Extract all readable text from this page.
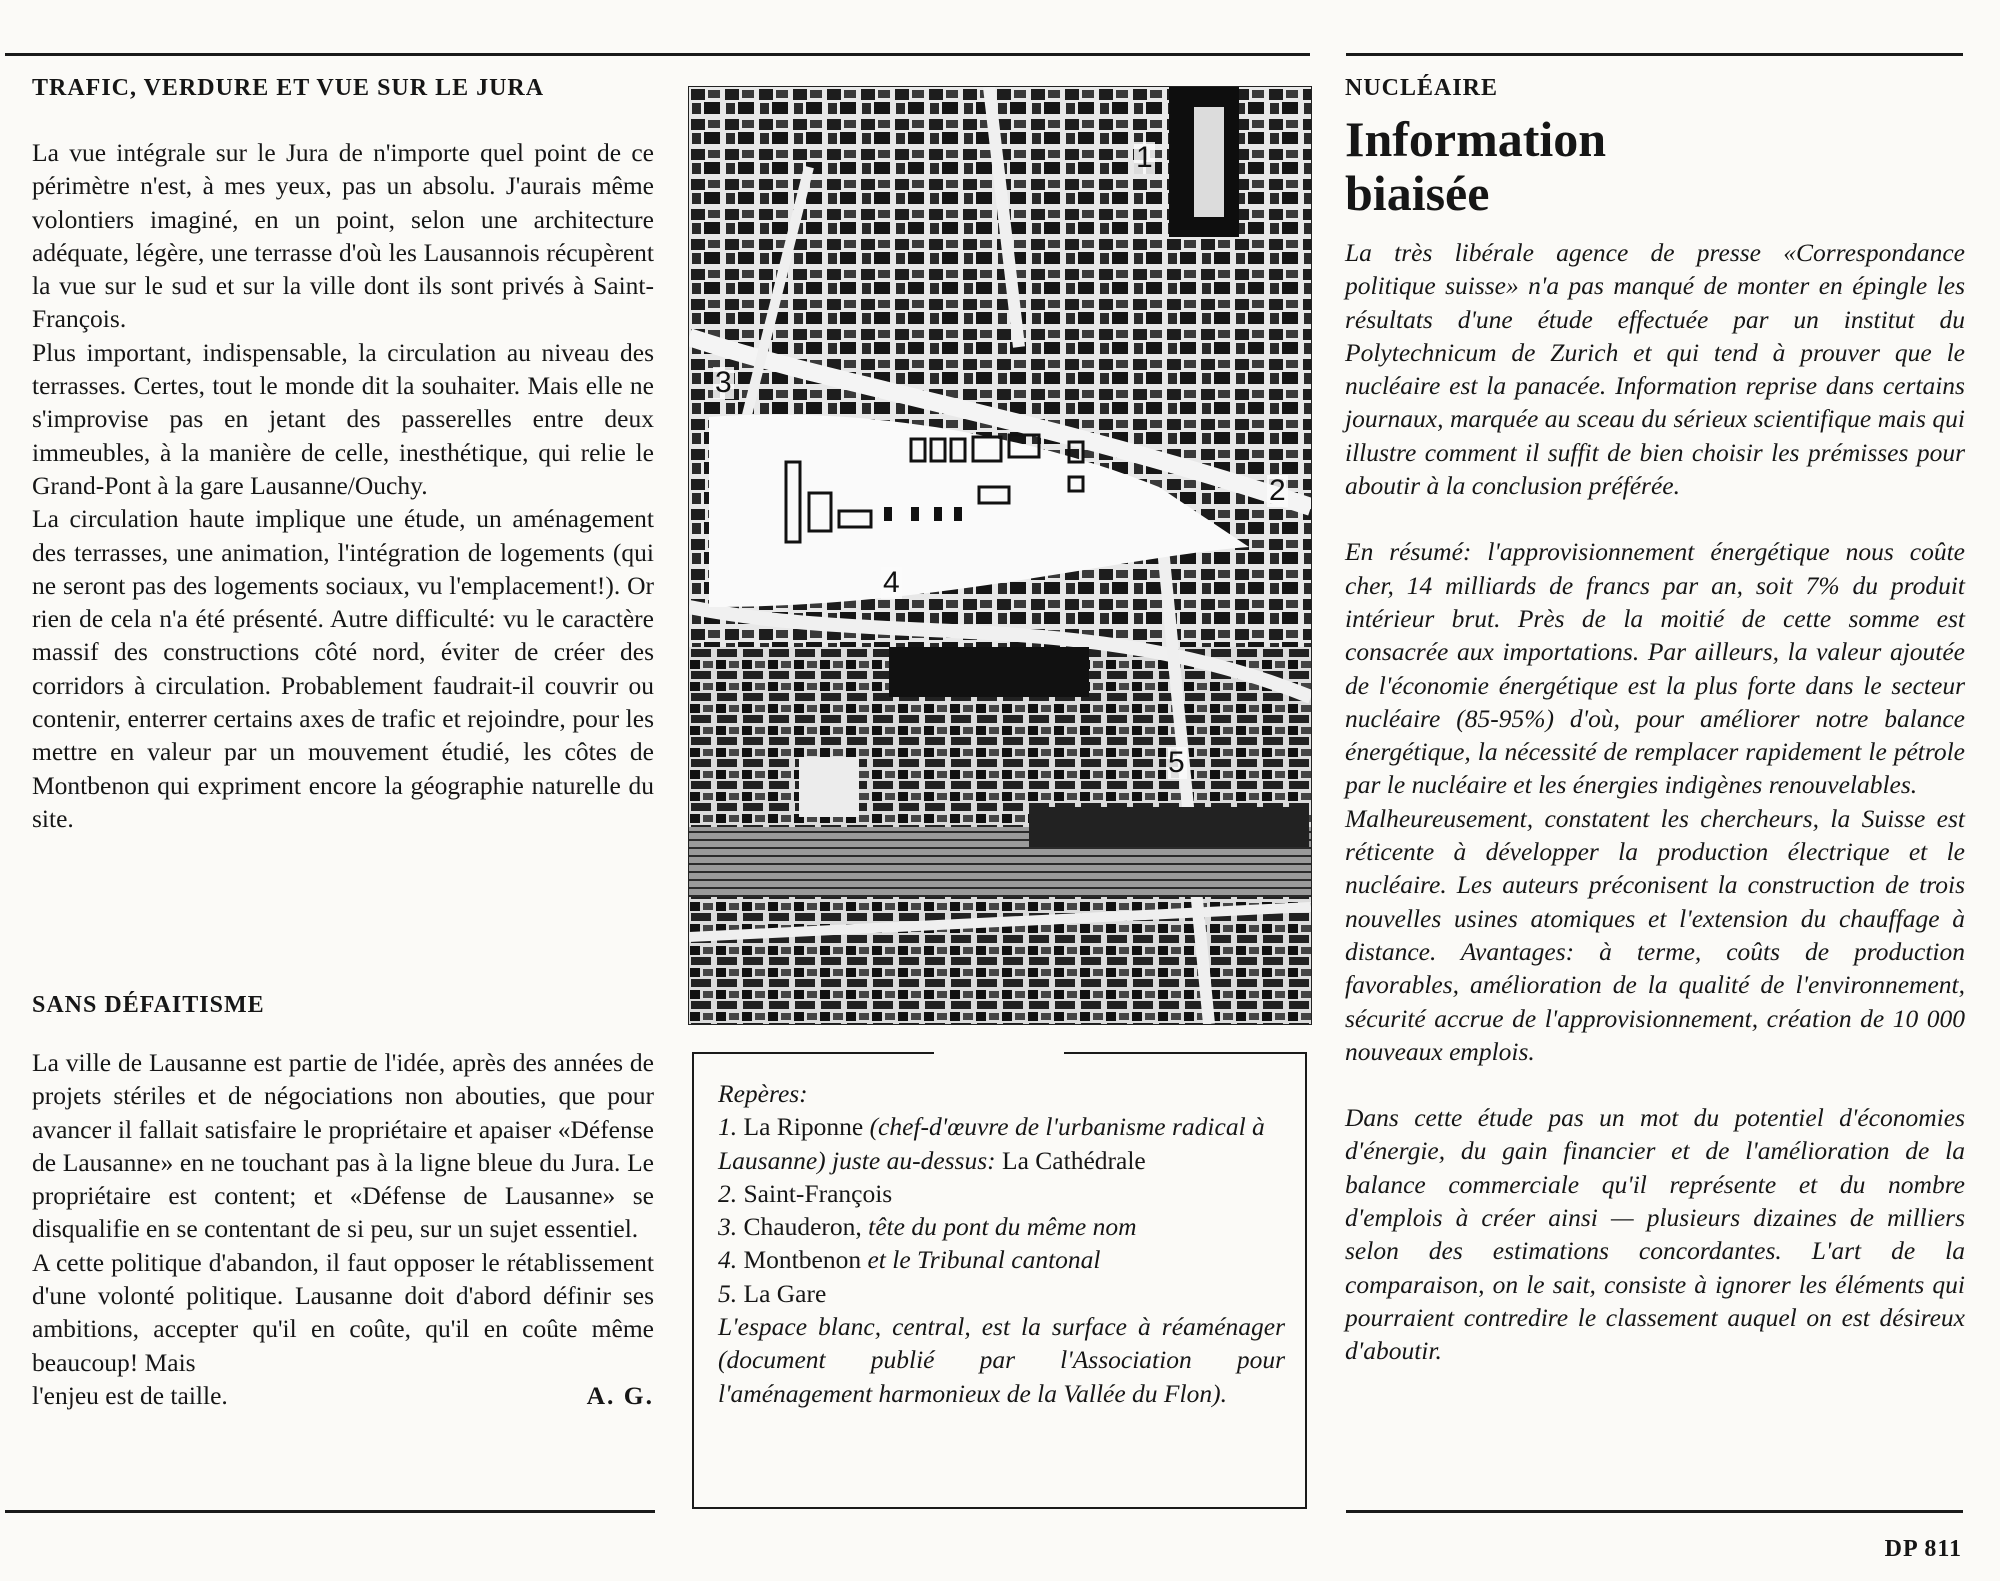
TRAFIC, VERDURE ET VUE SUR LE JURA

La vue intégrale sur le Jura de n'importe quel point de ce périmètre n'est, à mes yeux, pas un absolu. J'aurais même volontiers imaginé, en un point, selon une architecture adéquate, légère, une terrasse d'où les Lausannois récupèrent la vue sur le sud et sur la ville dont ils sont privés à Saint-François.

Plus important, indispensable, la circulation au niveau des terrasses. Certes, tout le monde dit la souhaiter. Mais elle ne s'improvise pas en jetant des passerelles entre deux immeubles, à la manière de celle, inesthétique, qui relie le Grand-Pont à la gare Lausanne/Ouchy.

La circulation haute implique une étude, un aménagement des terrasses, une animation, l'intégration de logements (qui ne seront pas des logements sociaux, vu l'emplacement!). Or rien de cela n'a été présenté. Autre difficulté: vu le caractère massif des constructions côté nord, éviter de créer des corridors à circulation. Probablement faudrait-il couvrir ou contenir, enterrer certains axes de trafic et rejoindre, pour les mettre en valeur par un mouvement étudié, les côtes de Montbenon qui expriment encore la géographie naturelle du site.

SANS DÉFAITISME

La ville de Lausanne est partie de l'idée, après des années de projets stériles et de négociations non abouties, que pour avancer il fallait satisfaire le propriétaire et apaiser «Défense de Lausanne» en ne touchant pas à la ligne bleue du Jura. Le propriétaire est content; et «Défense de Lausanne» se disqualifie en se contentant de si peu, sur un sujet essentiel.

A cette politique d'abandon, il faut opposer le rétablissement d'une volonté politique. Lausanne doit d'abord définir ses ambitions, accepter qu'il en coûte, qu'il en coûte même beaucoup! Mais

l'enjeu est de taille.	A. G.
1
2
3
4
5

Repères:

1. La Riponne (chef-d'œuvre de l'urbanisme radical à Lausanne) juste au-dessus: La Cathédrale

2. Saint-François

3. Chauderon, tête du pont du même nom

4. Montbenon et le Tribunal cantonal

5. La Gare

L'espace blanc, central, est la surface à réaménager (document publié par l'Association pour l'aménagement harmonieux de la Vallée du Flon).

NUCLÉAIRE
Information
biaisée

La très libérale agence de presse «Correspondance politique suisse» n'a pas manqué de monter en épingle les résultats d'une étude effectuée par un institut du Polytechnicum de Zurich et qui tend à prouver que le nucléaire est la panacée. Information reprise dans certains journaux, marquée au sceau du sérieux scientifique mais qui illustre comment il suffit de bien choisir les prémisses pour aboutir à la conclusion préférée.

En résumé: l'approvisionnement énergétique nous coûte cher, 14 milliards de francs par an, soit 7% du produit intérieur brut. Près de la moitié de cette somme est consacrée aux importations. Par ailleurs, la valeur ajoutée de l'économie énergétique est la plus forte dans le secteur nucléaire (85-95%) d'où, pour améliorer notre balance énergétique, la nécessité de remplacer rapidement le pétrole par le nucléaire et les énergies indigènes renouvelables.

Malheureusement, constatent les chercheurs, la Suisse est réticente à développer la production électrique et le nucléaire. Les auteurs préconisent la construction de trois nouvelles usines atomiques et l'extension du chauffage à distance. Avantages: à terme, coûts de production favorables, amélioration de la qualité de l'environnement, sécurité accrue de l'approvisionnement, création de 10 000 nouveaux emplois.

Dans cette étude pas un mot du potentiel d'économies d'énergie, du gain financier et de l'amélioration de la balance commerciale qu'il représente et du nombre d'emplois à créer ainsi — plusieurs dizaines de milliers selon des estimations concordantes. L'art de la comparaison, on le sait, consiste à ignorer les éléments qui pourraient contredire le classement auquel on est désireux d'aboutir.

DP 811
